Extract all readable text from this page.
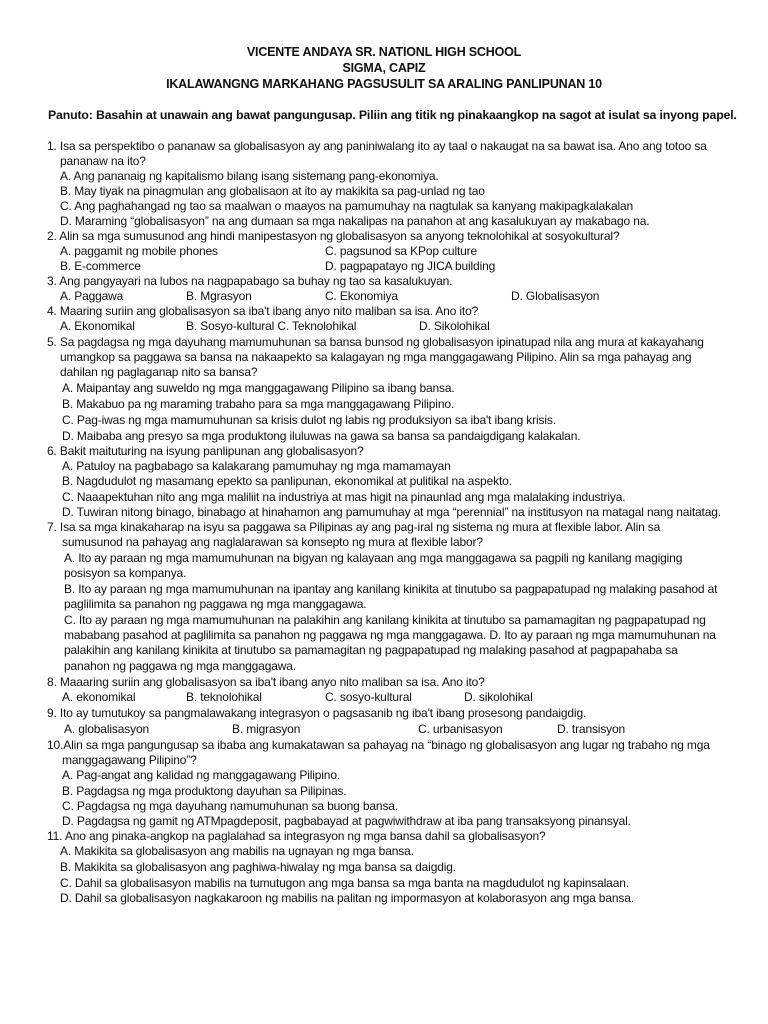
VICENTE ANDAYA SR. NATIONL HIGH SCHOOL
SIGMA, CAPIZ
IKALAWANGNG MARKAHANG PAGSUSULIT SA ARALING PANLIPUNAN 10
Panuto: Basahin at unawain ang bawat pangungusap. Piliin ang titik ng pinakaangkop na sagot at isulat sa inyong papel.
1. Isa sa perspektibo o pananaw sa globalisasyon ay ang paniniwalang ito ay taal o nakaugat na sa bawat isa. Ano ang totoo sa
pananaw na ito?
A. Ang pananaig ng kapitalismo bilang isang sistemang pang-ekonomiya.
B. May tiyak na pinagmulan ang globalisaon at ito ay makikita sa pag-unlad ng tao
C. Ang paghahangad ng tao sa maalwan o maayos na pamumuhay na nagtulak sa kanyang makipagkalakalan
D. Maraming “globalisasyon” na ang dumaan sa mga nakalipas na panahon at ang kasalukuyan ay makabago na.
2. Alin sa mga sumusunod ang hindi manipestasyon ng globalisasyon sa anyong teknolohikal at sosyokultural?
A. paggamit ng mobile phones	C. pagsunod sa KPop culture
B. E-commerce	D. pagpapatayo ng JICA building
3. Ang pangyayari na lubos na nagpapabago sa buhay ng tao sa kasalukuyan.
A. Paggawa	B. Mgrasyon	C. Ekonomiya	D. Globalisasyon
4. Maaring suriin ang globalisasyon sa iba't ibang anyo nito maliban sa isa. Ano ito?
A. Ekonomikal	B. Sosyo-kultural C. Teknolohikal	D. Sikolohikal
5. Sa pagdagsa ng mga dayuhang mamumuhunan sa bansa bunsod ng globalisasyon ipinatupad nila ang mura at kakayahang
umangkop sa paggawa sa bansa na nakaapekto sa kalagayan ng mga manggagawang Pilipino. Alin sa mga pahayag ang
dahilan ng paglaganap nito sa bansa?
A. Maipantay ang suweldo ng mga manggagawang Pilipino sa ibang bansa.
B. Makabuo pa ng maraming trabaho para sa mga manggagawang Pilipino.
C. Pag-iwas ng mga mamumuhunan sa krisis dulot ng labis ng produksiyon sa iba't ibang krisis.
D. Maibaba ang presyo sa mga produktong iluluwas na gawa sa bansa sa pandaigdigang kalakalan.
6. Bakit maituturing na isyung panlipunan ang globalisasyon?
A. Patuloy na pagbabago sa kalakarang pamumuhay ng mga mamamayan
B. Nagdudulot ng masamang epekto sa panlipunan, ekonomikal at pulitikal na aspekto.
C. Naaapektuhan nito ang mga maliliit na industriya at mas higit na pinaunlad ang mga malalaking industriya.
D. Tuwiran nitong binago, binabago at hinahamon ang pamumuhay at mga “perennial” na institusyon na matagal nang naitatag.
7. Isa sa mga kinakaharap na isyu sa paggawa sa Pilipinas ay ang pag-iral ng sistema ng mura at flexible labor. Alin sa
sumusunod na pahayag ang naglalarawan sa konsepto ng mura at flexible labor?
A. Ito ay paraan ng mga mamumuhunan na bigyan ng kalayaan ang mga manggagawa sa pagpili ng kanilang magiging
posisyon sa kompanya.
B. Ito ay paraan ng mga mamumuhunan na ipantay ang kanilang kinikita at tinutubo sa pagpapatupad ng malaking pasahod at
paglilimita sa panahon ng paggawa ng mga manggagawa.
C. Ito ay paraan ng mga mamumuhunan na palakihin ang kanilang kinikita at tinutubo sa pamamagitan ng pagpapatupad ng
mababang pasahod at paglilimita sa panahon ng paggawa ng mga manggagawa. D. Ito ay paraan ng mga mamumuhunan na
palakihin ang kanilang kinikita at tinutubo sa pamamagitan ng pagpapatupad ng malaking pasahod at pagpapahaba sa
panahon ng paggawa ng mga manggagawa.
8. Maaaring suriin ang globalisasyon sa iba't ibang anyo nito maliban sa isa. Ano ito?
A. ekonomikal	B. teknolohikal	C. sosyo-kultural	D. sikolohikal
9. Ito ay tumutukoy sa pangmalawakang integrasyon o pagsasanib ng iba't ibang prosesong pandaigdig.
A. globalisasyon	B. migrasyon	C. urbanisasyon	D. transisyon
10.Alin sa mga pangungusap sa ibaba ang kumakatawan sa pahayag na “binago ng globalisasyon ang lugar ng trabaho ng mga
manggagawang Pilipino”?
A. Pag-angat ang kalidad ng manggagawang Pilipino.
B. Pagdagsa ng mga produktong dayuhan sa Pilipinas.
C. Pagdagsa ng mga dayuhang namumuhunan sa buong bansa.
D. Pagdagsa ng gamit ng ATMpagdeposit, pagbabayad at pagwiwithdraw at iba pang transaksyong pinansyal.
11. Ano ang pinaka-angkop na paglalahad sa integrasyon ng mga bansa dahil sa globalisasyon?
A. Makikita sa globalisasyon ang mabilis na ugnayan ng mga bansa.
B. Makikita sa globalisasyon ang paghiwa-hiwalay ng mga bansa sa daigdig.
C. Dahil sa globalisasyon mabilis na tumutugon ang mga bansa sa mga banta na magdudulot ng kapinsalaan.
D. Dahil sa globalisasyon nagkakaroon ng mabilis na palitan ng impormasyon at kolaborasyon ang mga bansa.
